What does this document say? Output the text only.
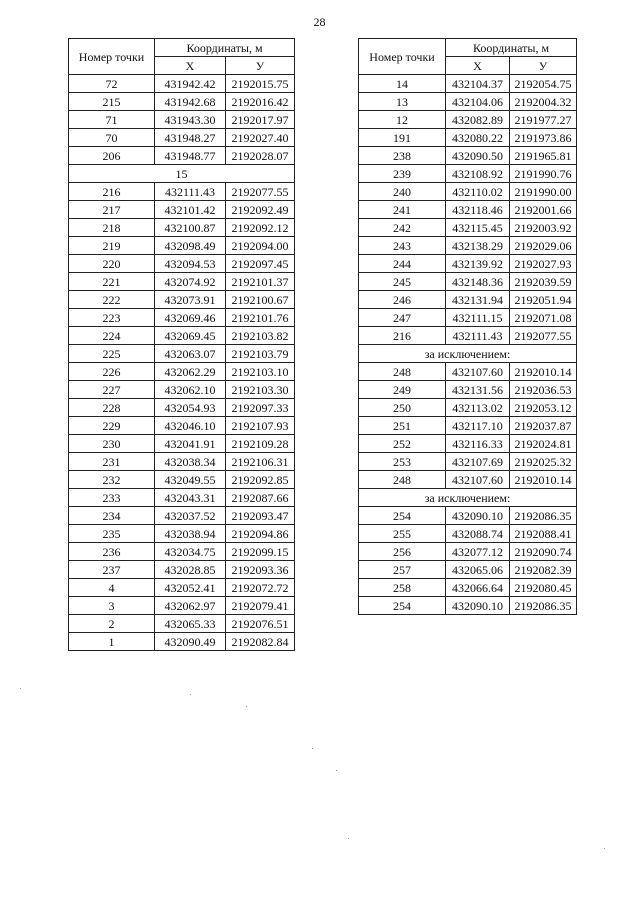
28
Номер точки	Координаты, м	
	X	У
72	431942.42	2192015.75
215	431942.68	2192016.42
71	431943.30	2192017.97
70	431948.27	2192027.40
206	431948.77	2192028.07
15		
216	432111.43	2192077.55
217	432101.42	2192092.49
218	432100.87	2192092.12
219	432098.49	2192094.00
220	432094.53	2192097.45
221	432074.92	2192101.37
222	432073.91	2192100.67
223	432069.46	2192101.76
224	432069.45	2192103.82
225	432063.07	2192103.79
226	432062.29	2192103.10
227	432062.10	2192103.30
228	432054.93	2192097.33
229	432046.10	2192107.93
230	432041.91	2192109.28
231	432038.34	2192106.31
232	432049.55	2192092.85
233	432043.31	2192087.66
234	432037.52	2192093.47
235	432038.94	2192094.86
236	432034.75	2192099.15
237	432028.85	2192093.36
4	432052.41	2192072.72
3	432062.97	2192079.41
2	432065.33	2192076.51
1	432090.49	2192082.84
Номер точки	Координаты, м	
	X	У
14	432104.37	2192054.75
13	432104.06	2192004.32
12	432082.89	2191977.27
191	432080.22	2191973.86
238	432090.50	2191965.81
239	432108.92	2191990.76
240	432110.02	2191990.00
241	432118.46	2192001.66
242	432115.45	2192003.92
243	432138.29	2192029.06
244	432139.92	2192027.93
245	432148.36	2192039.59
246	432131.94	2192051.94
247	432111.15	2192071.08
216	432111.43	2192077.55
за исключением:		
248	432107.60	2192010.14
249	432131.56	2192036.53
250	432113.02	2192053.12
251	432117.10	2192037.87
252	432116.33	2192024.81
253	432107.69	2192025.32
248	432107.60	2192010.14
за исключением:		
254	432090.10	2192086.35
255	432088.74	2192088.41
256	432077.12	2192090.74
257	432065.06	2192082.39
258	432066.64	2192080.45
254	432090.10	2192086.35
